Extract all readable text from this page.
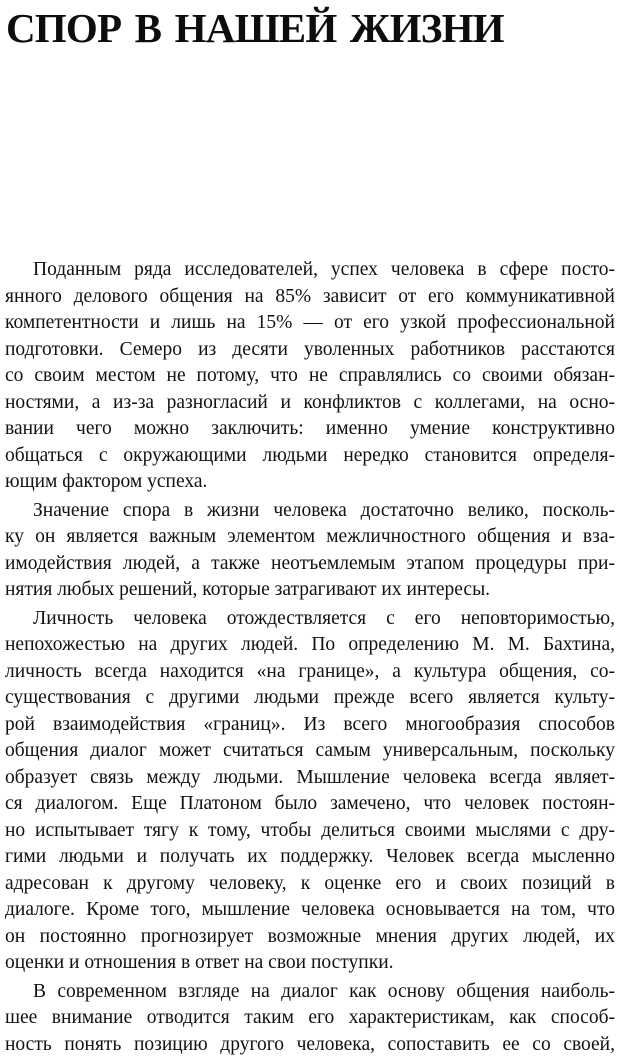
СПОР В НАШЕЙ ЖИЗНИ
Поданным ряда исследователей, успех человека в сфере посто-
янного делового общения на 85% зависит от его коммуникативной
компетентности и лишь на 15% — от его узкой профессиональной
подготовки. Семеро из десяти уволенных работников расстаются
со своим местом не потому, что не справлялись со своими обязан-
ностями, а из-за разногласий и конфликтов с коллегами, на осно-
вании чего можно заключить: именно умение конструктивно
общаться с окружающими людьми нередко становится определя-
ющим фактором успеха.
Значение спора в жизни человека достаточно велико, посколь-
ку он является важным элементом межличностного общения и вза-
имодействия людей, а также неотъемлемым этапом процедуры при-
нятия любых решений, которые затрагивают их интересы.
Личность человека отождествляется с его неповторимостью,
непохожестью на других людей. По определению М. М. Бахтина,
личность всегда находится «на границе», а культура общения, со-
существования с другими людьми прежде всего является культу-
рой взаимодействия «границ». Из всего многообразия способов
общения диалог может считаться самым универсальным, поскольку
образует связь между людьми. Мышление человека всегда являет-
ся диалогом. Еще Платоном было замечено, что человек постоян-
но испытывает тягу к тому, чтобы делиться своими мыслями с дру-
гими людьми и получать их поддержку. Человек всегда мысленно
адресован к другому человеку, к оценке его и своих позиций в
диалоге. Кроме того, мышление человека основывается на том, что
он постоянно прогнозирует возможные мнения других людей, их
оценки и отношения в ответ на свои поступки.
В современном взгляде на диалог как основу общения наиболь-
шее внимание отводится таким его характеристикам, как способ-
ность понять позицию другого человека, сопоставить ее со своей,
